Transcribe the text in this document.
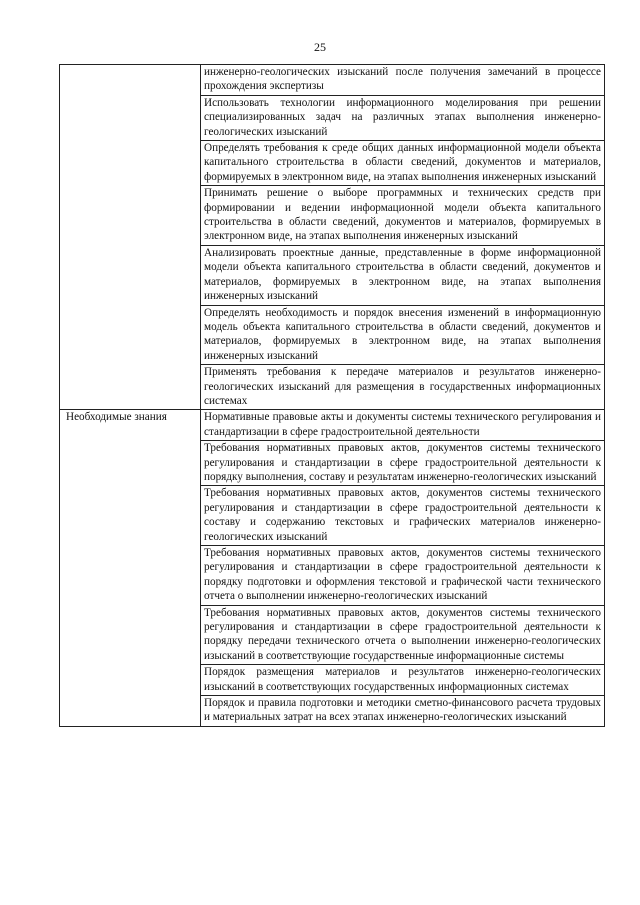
25
	инженерно-геологических изысканий после получения замечаний в процессе прохождения экспертизы
	Использовать технологии информационного моделирования при решении специализированных задач на различных этапах выполнения инженерно-геологических изысканий
	Определять требования к среде общих данных информационной модели объекта капитального строительства в области сведений, документов и материалов, формируемых в электронном виде, на этапах выполнения инженерных изысканий
	Принимать решение о выборе программных и технических средств при формировании и ведении информационной модели объекта капитального строительства в области сведений, документов и материалов, формируемых в электронном виде, на этапах выполнения инженерных изысканий
	Анализировать проектные данные, представленные в форме информационной модели объекта капитального строительства в области сведений, документов и материалов, формируемых в электронном виде, на этапах выполнения инженерных изысканий
	Определять необходимость и порядок внесения изменений в информационную модель объекта капитального строительства в области сведений, документов и материалов, формируемых в электронном виде, на этапах выполнения инженерных изысканий
	Применять требования к передаче материалов и результатов инженерно-геологических изысканий для размещения в государственных информационных системах

Необходимые знания	Нормативные правовые акты и документы системы технического регулирования и стандартизации в сфере градостроительной деятельности
	Требования нормативных правовых актов, документов системы технического регулирования и стандартизации в сфере градостроительной деятельности к порядку выполнения, составу и результатам инженерно-геологических изысканий
	Требования нормативных правовых актов, документов системы технического регулирования и стандартизации в сфере градостроительной деятельности к составу и содержанию текстовых и графических материалов инженерно-геологических изысканий
	Требования нормативных правовых актов, документов системы технического регулирования и стандартизации в сфере градостроительной деятельности к порядку подготовки и оформления текстовой и графической части технического отчета о выполнении инженерно-геологических изысканий
	Требования нормативных правовых актов, документов системы технического регулирования и стандартизации в сфере градостроительной деятельности к порядку передачи технического отчета о выполнении инженерно-геологических изысканий в соответствующие государственные информационные системы
	Порядок размещения материалов и результатов инженерно-геологических изысканий в соответствующих государственных информационных системах
	Порядок и правила подготовки и методики сметно-финансового расчета трудовых и материальных затрат на всех этапах инженерно-геологических изысканий
